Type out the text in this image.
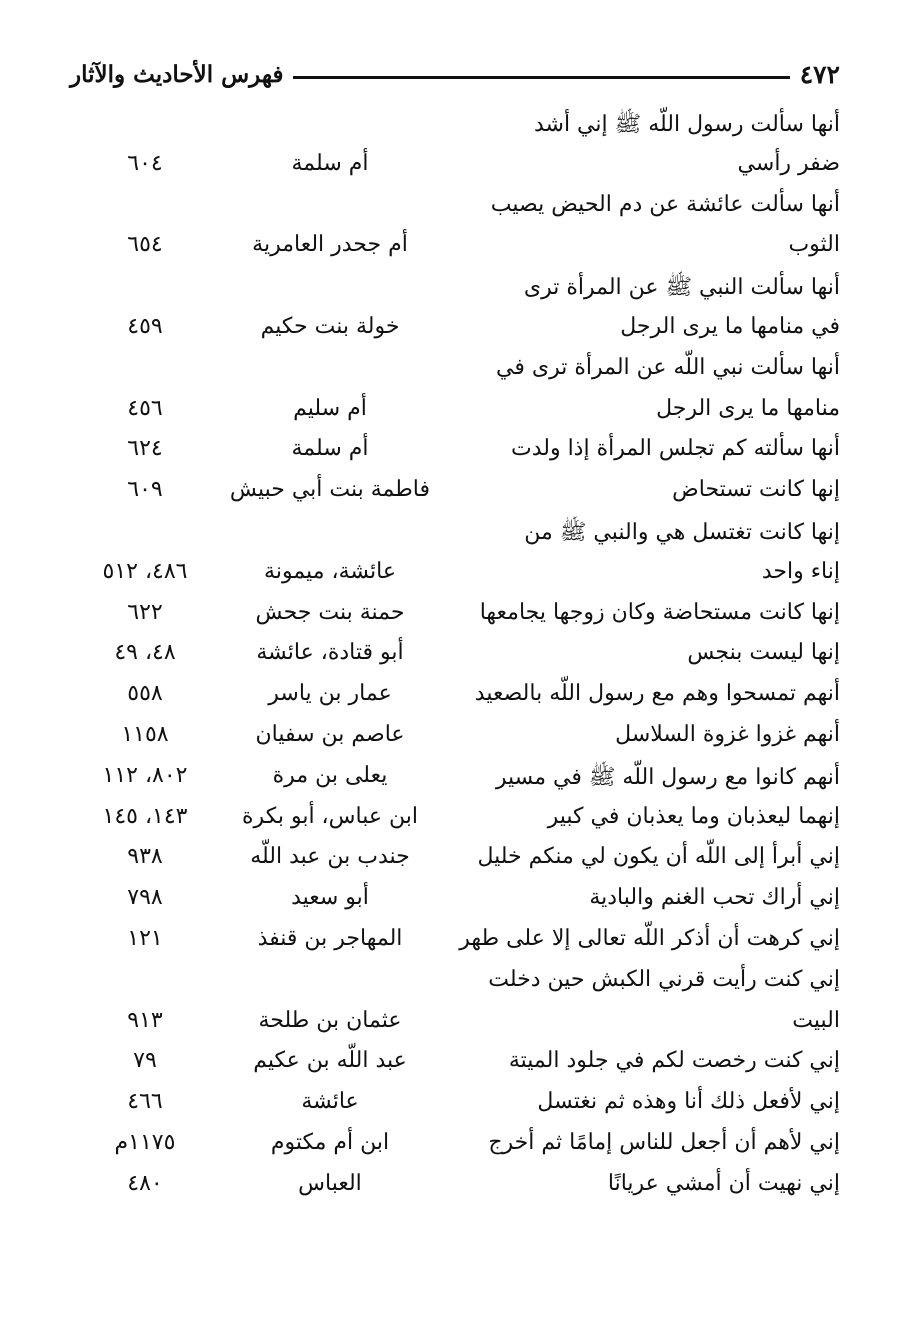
٤٧٢
فهرس الأحاديث والآثار
أنها سألت رسول اللّه ﷺ إني أشد
ضفر رأسي
أم سلمة
٦٠٤
أنها سألت عائشة عن دم الحيض يصيب
الثوب
أم جحدر العامرية
٦٥٤
أنها سألت النبي ﷺ عن المرأة ترى
في منامها ما يرى الرجل
خولة بنت حكيم
٤٥٩
أنها سألت نبي اللّه عن المرأة ترى في
منامها ما يرى الرجل
أم سليم
٤٥٦
أنها سألته كم تجلس المرأة إذا ولدت
أم سلمة
٦٢٤
إنها كانت تستحاض
فاطمة بنت أبي حبيش
٦٠٩
إنها كانت تغتسل هي والنبي ﷺ من
إناء واحد
عائشة، ميمونة
٤٨٦، ٥١٢
إنها كانت مستحاضة وكان زوجها يجامعها
حمنة بنت جحش
٦٢٢
إنها ليست بنجس
أبو قتادة، عائشة
٤٨، ٤٩
أنهم تمسحوا وهم مع رسول اللّه بالصعيد
عمار بن ياسر
٥٥٨
أنهم غزوا غزوة السلاسل
عاصم بن سفيان
١١٥٨
أنهم كانوا مع رسول اللّه ﷺ في مسير
يعلى بن مرة
٨٠٢، ١١٢
إنهما ليعذبان وما يعذبان في كبير
ابن عباس، أبو بكرة
١٤٣، ١٤٥
إني أبرأ إلى اللّه أن يكون لي منكم خليل
جندب بن عبد اللّه
٩٣٨
إني أراك تحب الغنم والبادية
أبو سعيد
٧٩٨
إني كرهت أن أذكر اللّه تعالى إلا على طهر
المهاجر بن قنفذ
١٢١
إني كنت رأيت قرني الكبش حين دخلت
البيت
عثمان بن طلحة
٩١٣
إني كنت رخصت لكم في جلود الميتة
عبد اللّه بن عكيم
٧٩
إني لأفعل ذلك أنا وهذه ثم نغتسل
عائشة
٤٦٦
إني لأهم أن أجعل للناس إمامًا ثم أخرج
ابن أم مكتوم
١١٧٥م
إني نهيت أن أمشي عريانًا
العباس
٤٨٠
